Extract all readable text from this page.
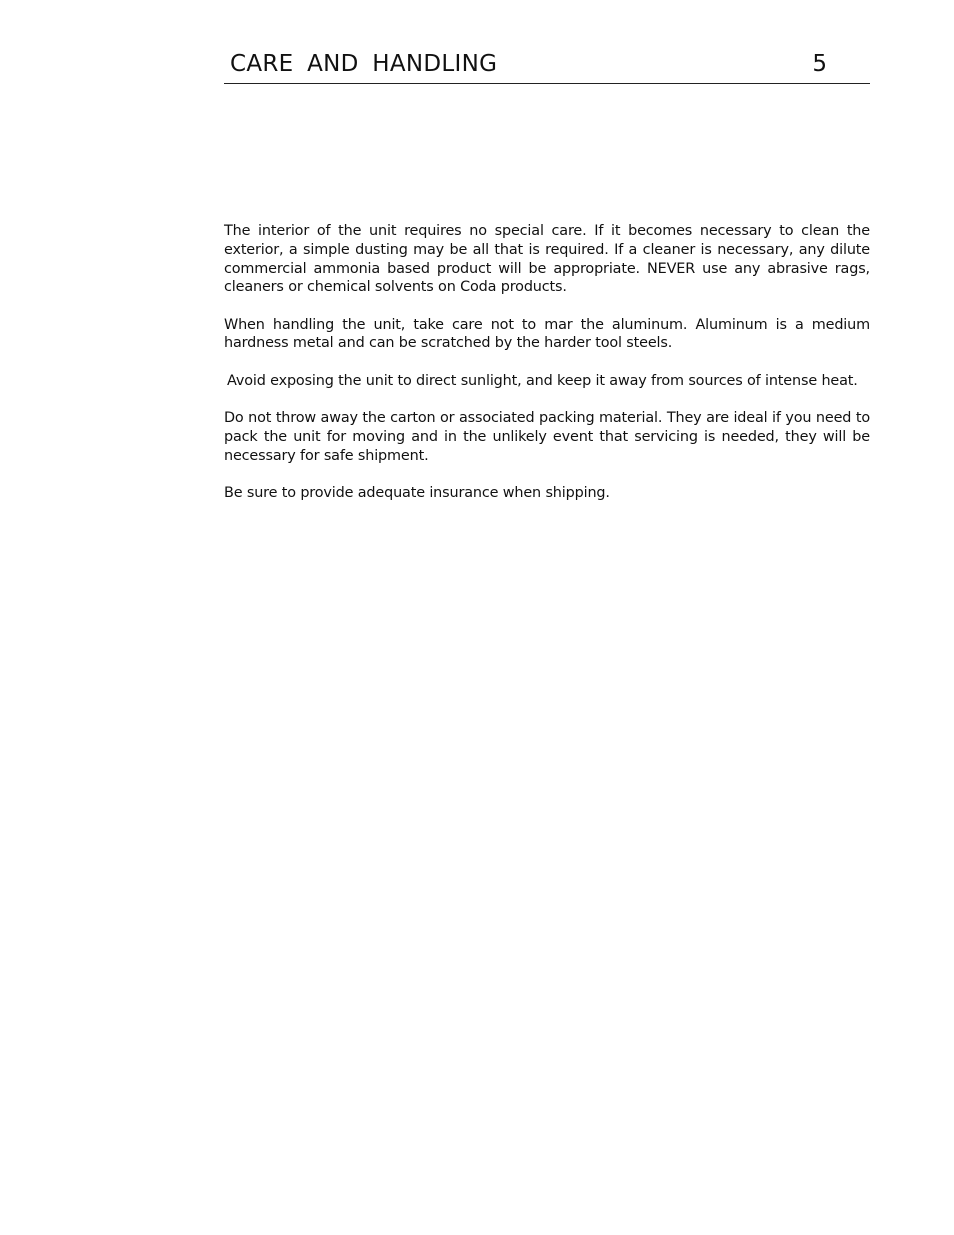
CARE AND HANDLING	5

The interior of the unit requires no special care. If it becomes necessary to clean the exterior, a simple dusting may be all that is required. If a cleaner is necessary, any dilute commercial ammonia based product will be appropriate. NEVER use any abrasive rags, cleaners or chemical solvents on Coda products.

When handling the unit, take care not to mar the aluminum. Aluminum is a medium hardness metal and can be scratched by the harder tool steels.

Avoid exposing the unit to direct sunlight, and keep it away from sources of intense heat.

Do not throw away the carton or associated packing material. They are ideal if you need to pack the unit for moving and in the unlikely event that servicing is needed, they will be necessary for safe shipment.

Be sure to provide adequate insurance when shipping.
